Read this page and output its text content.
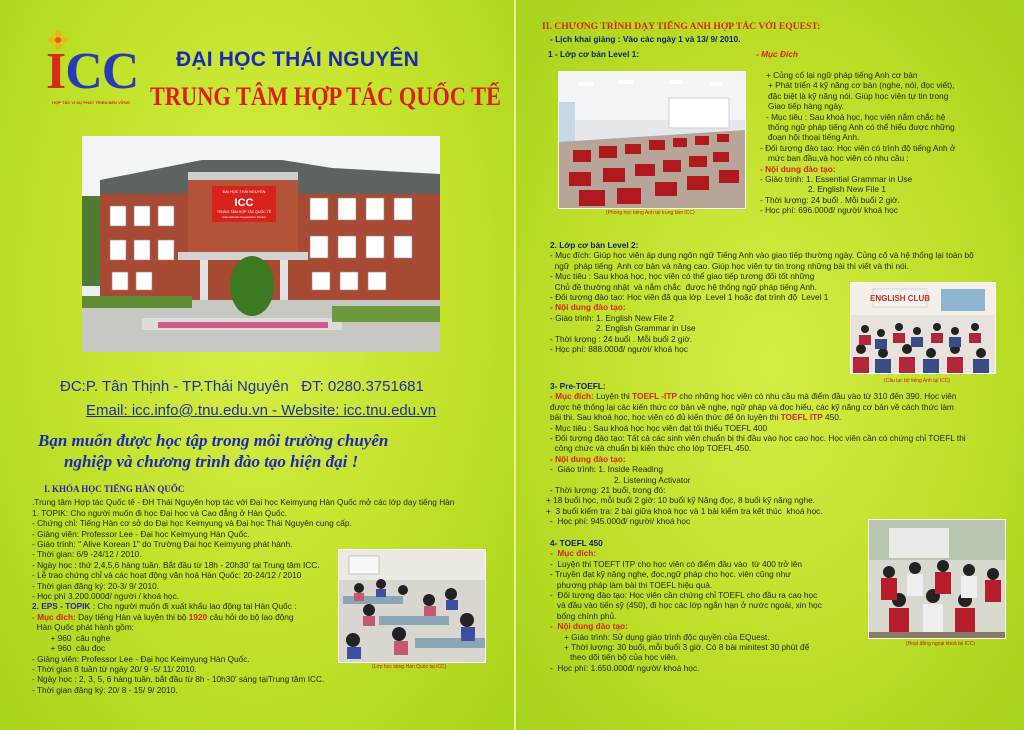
ICC
HỢP TÁC VÌ SỰ PHÁT TRIỂN BỀN VỮNG
ĐẠI HỌC THÁI NGUYÊN
TRUNG TÂM HỢP TÁC QUỐC TẾ
ĐẠI HỌC THÁI NGUYÊN
ICC
TRUNG TÂM HỢP TÁC QUỐC TẾ
International Cooperation Center
ĐC:P. Tân Thịnh - TP.Thái Nguyên   ĐT: 0280.3751681
Email: icc.info@.tnu.edu.vn - Website: icc.tnu.edu.vn
Bạn muốn được học tập trong môi trường chuyên
nghiệp và chương trình đào tạo hiện đại !
I. KHÓA HỌC TIẾNG HÀN QUỐC
.Trung tâm Hợp tác Quốc tế - ĐH Thái Nguyên hợp tác với Đại học Keimyung Hàn Quốc mở các lớp dạy tiếng Hàn
1. TOPIK: Cho người muốn đi học Đại học và Cao đẳng ở Hàn Quốc.
- Chứng chỉ: Tiếng Hàn cơ sở do Đại học Keimyung và Đại học Thái Nguyên cung cấp.
- Giảng viên: Professor Lee - Đại học Keimyung Hàn Quốc.
- Giáo trình: " Alive Korean 1" do Trường Đại học Keimyung phát hành.
- Thời gian: 6/9 -24/12 / 2010.
- Ngày học : thứ 2,4,5,6 hàng tuần. Bắt đầu từ 18h - 20h30' tại Trung tâm ICC.
- Lễ trao chứng chỉ và các hoạt động văn hoá Hàn Quốc: 20-24/12 / 2010
- Thời gian đăng ký: 20-3/ 9/ 2010.
- Học phí 3.200.000đ/ người / khoá học.
2. EPS - TOPIK : Cho người muốn đi xuất khẩu lao động tại Hàn Quốc :
- Mục đích: Dạy tiếng Hàn và luyện thi bộ 1920 câu hỏi do bộ lao động
Hàn Quốc phát hành gồm:
+ 960  câu nghe
+ 960  câu đọc
- Giảng viên: Professor Lee - Đại học Keimyung Hàn Quốc.
- Thời gian 8 tuần từ ngày 20/ 9 -5/ 11/ 2010.
- Ngày học : 2, 3, 5, 6 hàng tuần, bắt đầu từ 8h - 10h30' sáng tạiTrung tâm ICC.
- Thời gian đăng ký: 20/ 8 - 15/ 9/ 2010.
(Lớp học tiếng Hàn Quốc tại ICC)
II. CHƯƠNG TRÌNH DẠY TIẾNG ANH HỢP TÁC VỚI EQUEST:
- Lịch khai giảng : Vào các ngày 1 và 13/ 9/ 2010.
1 - Lớp cơ bản Level 1:	- Mục Đích
(Phòng học tiếng Anh tại trung tâm ICC)
+ Củng cố lại ngữ pháp tiếng Anh cơ bản
+ Phát triển 4 kỹ năng cơ bản (nghe, nói, đọc viết),
đặc biệt là kỹ năng nói. Giúp học viên tự tin trong
Giao tiếp hàng ngày.
- Mục tiêu : Sau khoá học, học viên nắm chắc hệ
thống ngữ pháp tiếng Anh có thể hiểu được những
đoạn hội thoại tiếng Anh.
- Đối tượng đào tạo: Học viên có trình độ tiếng Anh ở
mức ban đầu,và học viên có nhu cầu :
- Nội dung đào tạo:
- Giáo trình: 1. Essential Grammar in Use
2. English New File 1
- Thời lượng: 24 buổi . Mỗi buổi 2 giờ.
- Học phí: 696.000đ/ người/ khoá học
2. Lớp cơ bản Level 2:
- Mục đích: Giúp học viên áp dụng ngôn ngữ Tiếng Anh vào giao tiếp thường ngày. Củng cố và hệ thống lại toàn bộ
ngữ  pháp tiếng  Anh cơ bản và nâng cao. Giúp học viên tự tin trong những bài thi viết và thi nói.
- Mục tiêu : Sau khoá học, học viên có thể giao tiếp tương đối tốt những
Chủ đề thường nhật  và nắm chắc  được hệ thống ngữ pháp tiếng Anh.
- Đối tượng đào tạo: Học viên đã qua lớp  Level 1 hoặc đạt trình độ  Level 1
- Nội dung đào tạo:
- Giáo trình: 1. English New File 2
2. English Grammar in Use
- Thời lượng : 24 buổi . Mỗi buổi 2 giờ.
- Học phí: 888.000đ/ người/ khoá học
ENGLISH CLUB
(Câu lạc bộ tiếng Anh tại ICC)
3- Pre-TOEFL:
- Mục đích: Luyện thi TOEFL -ITP cho những học viên có nhu cầu mà điểm đầu vào từ 310 đến 390. Học viên
được hệ thống lại các kiến thức cơ bản về nghe, ngữ pháp và đọc hiểu, các kỹ năng cơ bản về cách thức làm
bài thi. Sau khoá học, học viên có đủ kiến thức để ôn luyện thi TOEFL ITP 450.
- Mục tiêu : Sau khoá học học viên đạt tối thiểu TOEFL 400
- Đối tượng đào tạo: Tất cả các sinh viên chuẩn bị thi đầu vào học cao học. Học viên cần có chứng chỉ TOEFL thi
công chức và chuẩn bị kiến thức cho lớp TOEFL 450.
- Nội dung đào tạo:
-  Giáo trình: 1. Inside Reading
2. Listening Activator
- Thời lượng: 21 buổi, trong đó:
+ 18 buổi học, mỗi buổi 2 giờ: 10 buổi kỹ Năng đọc, 8 buổi kỹ năng nghe.
+  3 buổi kiểm tra: 2 bài giữa khoá học và 1 bài kiểm tra kết thúc  khoá học.
-  Học phí: 945.000đ/ người/ khoá học
4- TOEFL 450
-  Mục đích:
-  Luyện thi TOEFT ITP cho học viên có điểm đầu vào  từ 400 trở lên
- Truyền đạt kỹ năng nghe, đọc,ngữ pháp cho học. viên cũng như
phương pháp làm bài thi TOEFL hiệu quả.
-  Đối tượng đào tạo: Học viên cần chứng chỉ TOEFL cho đầu ra cao học
và đầu vào tiến sỹ (450), đi học các lớp ngắn hạn ở nước ngoài, xin học
bổng chính phủ.
-  Nội dung đào tạo:
+ Giáo trình: Sử dụng giáo trình độc quyền của EQuest.
+ Thời lượng: 30 buổi, mỗi buổi 3 giờ. Có 8 bài minitest 30 phút để
theo dõi tiến bộ của học viên.
-  Học phí: 1.650.000đ/ người/ khoá học.
(Hoạt động ngoại khoá tại ICC)
